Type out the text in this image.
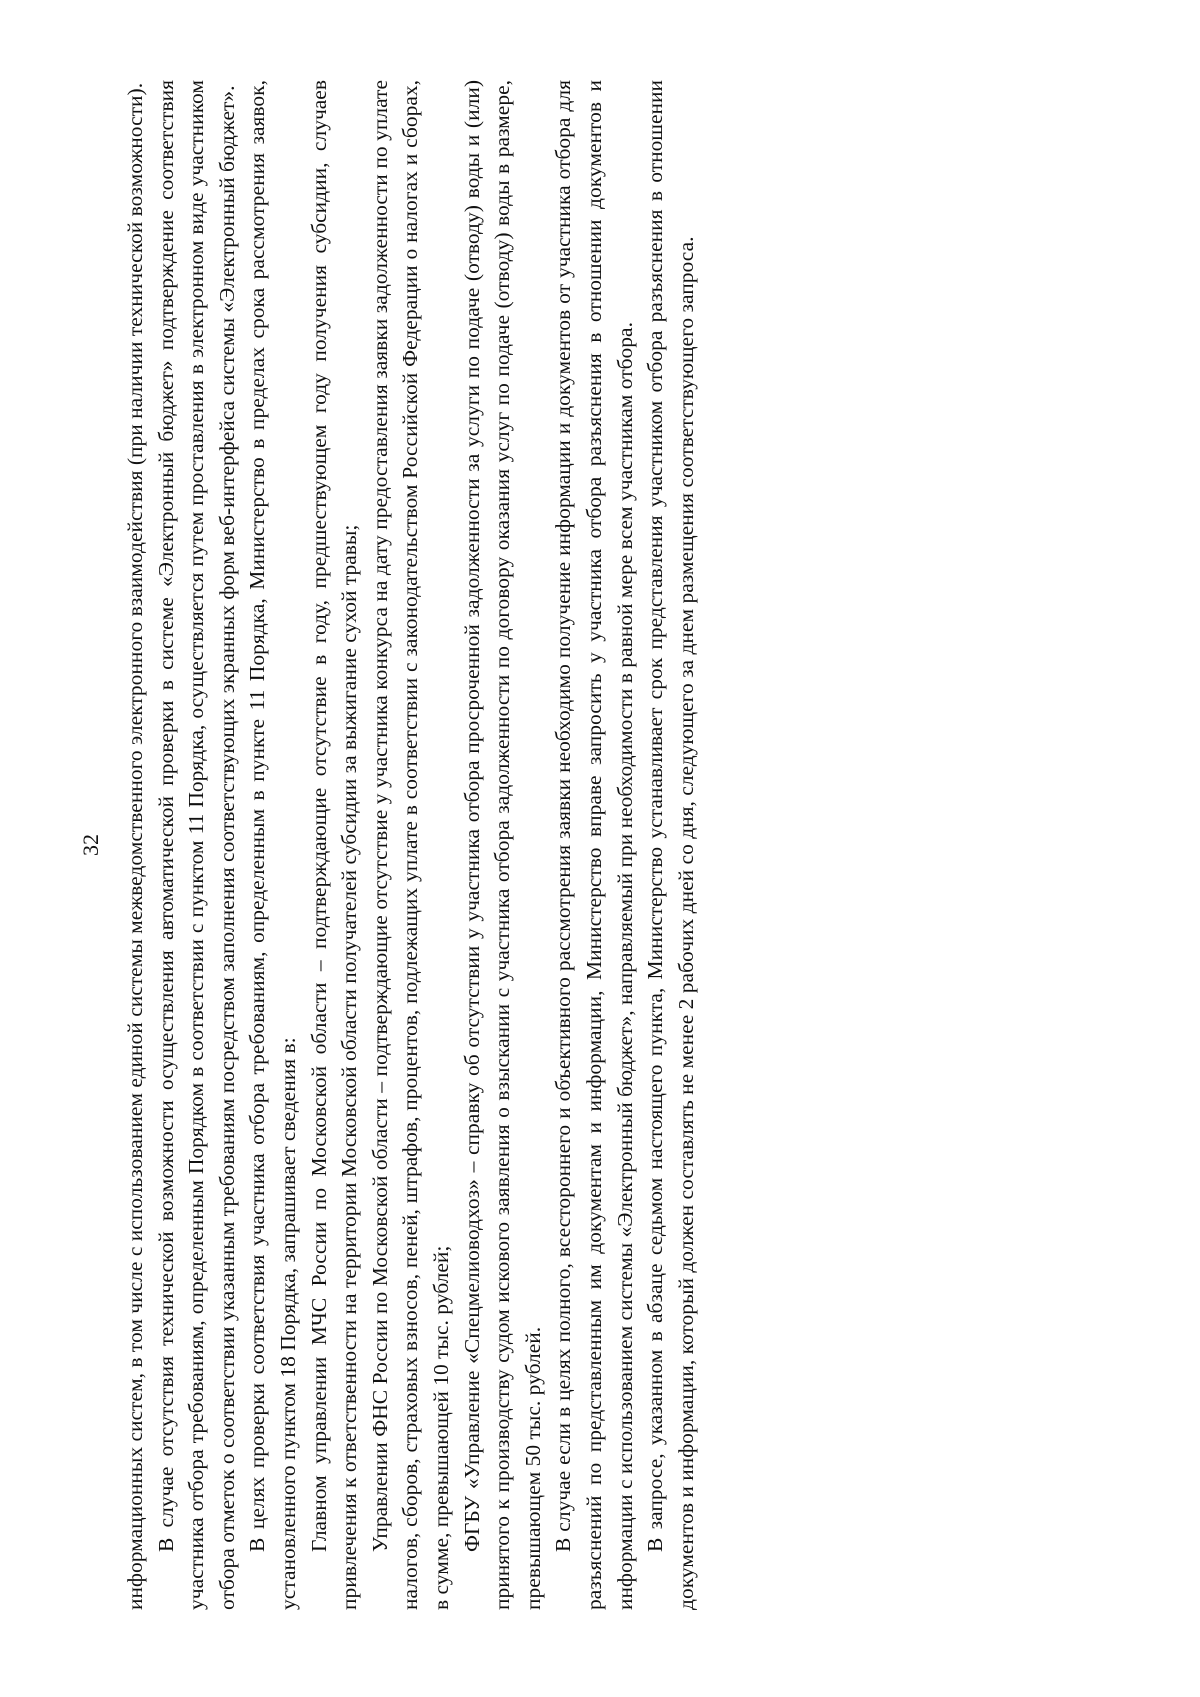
32 информационных систем, в том числе с использованием единой системы межведомственного электронного взаимодействия (при наличии технической возможности). В случае отсутствия технической возможности осуществления автоматической проверки в системе «Электронный бюджет» подтверждение соответствия участника отбора требованиям, определенным Порядком в соответствии с пунктом 11 Порядка, осуществляется путем проставления в электронном виде участником отбора отметок о соответствии указанным требованиям посредством заполнения соответствующих экранных форм веб-интерфейса системы «Электронный бюджет». В целях проверки соответствия участника отбора требованиям, определенным в пункте 11 Порядка, Министерство в пределах срока рассмотрения заявок, установленного пунктом 18 Порядка, запрашивает сведения в: Главном управлении МЧС России по Московской области – подтверждающие отсутствие в году, предшествующем году получения субсидии, случаев привлечения к ответственности на территории Московской области получателей субсидии за выжигание сухой травы; Управлении ФНС России по Московской области – подтверждающие отсутствие у участника конкурса на дату предоставления заявки задолженности по уплате налогов, сборов, страховых взносов, пеней, штрафов, процентов, подлежащих уплате в соответствии с законодательством Российской Федерации о налогах и сборах, в сумме, превышающей 10 тыс. рублей; ФГБУ «Управление «Спецмелиоводхоз» – справку об отсутствии у участника отбора просроченной задолженности за услуги по подаче (отводу) воды и (или) принятого к производству судом искового заявления о взыскании с участника отбора задолженности по договору оказания услуг по подаче (отводу) воды в размере, превышающем 50 тыс. рублей. В случае если в целях полного, всестороннего и объективного рассмотрения заявки необходимо получение информации и документов от участника отбора для разъяснений по представленным им документам и информации, Министерство вправе запросить у участника отбора разъяснения в отношении документов и информации с использованием системы «Электронный бюджет», направляемый при необходимости в равной мере всем участникам отбора. В запросе, указанном в абзаце седьмом настоящего пункта, Министерство устанавливает срок представления участником отбора разъяснения в отношении документов и информации, который должен составлять не менее 2 рабочих дней со дня, следующего за днем размещения соответствующего запроса.
